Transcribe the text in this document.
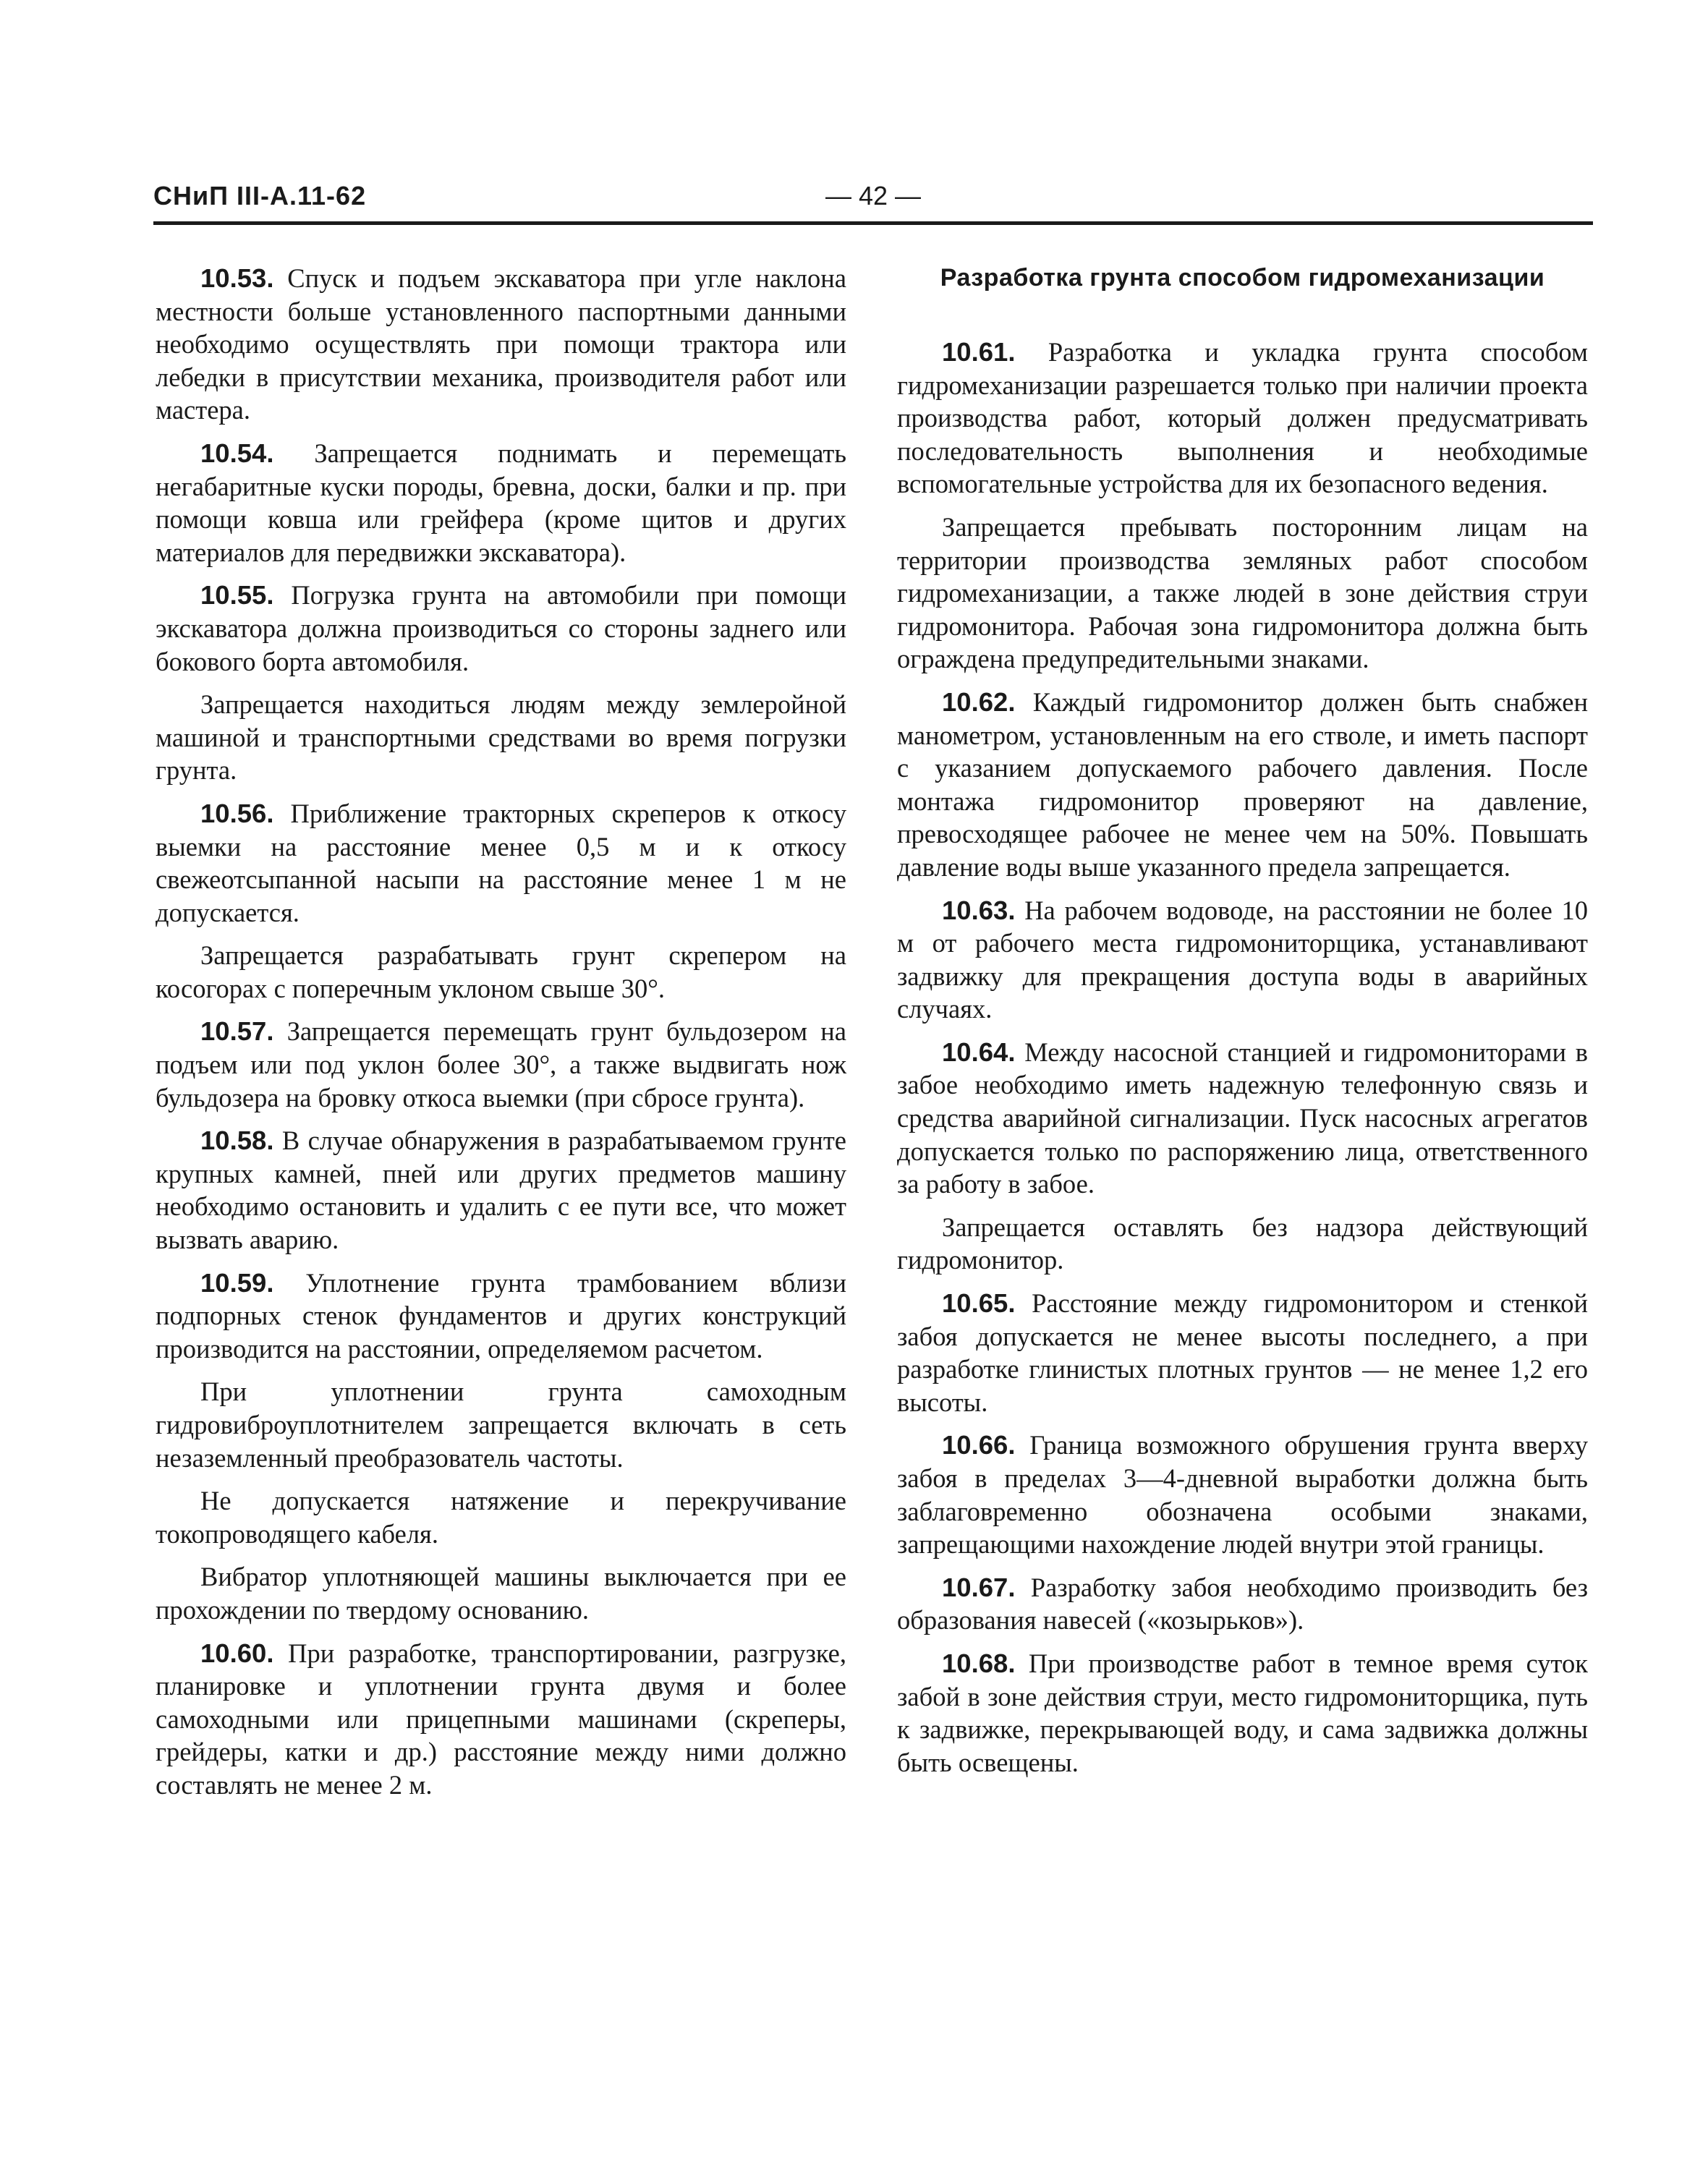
СНиП III-А.11-62	— 42 —

10.53. Спуск и подъем экскаватора при угле наклона местности больше установленного паспортными данными необходимо осуществлять при помощи трактора или лебедки в присутствии механика, производителя работ или мастера.

10.54. Запрещается поднимать и перемещать негабаритные куски породы, бревна, доски, балки и пр. при помощи ковша или грейфера (кроме щитов и других материалов для передвижки экскаватора).

10.55. Погрузка грунта на автомобили при помощи экскаватора должна производиться со стороны заднего или бокового борта автомобиля.

Запрещается находиться людям между землеройной машиной и транспортными средствами во время погрузки грунта.

10.56. Приближение тракторных скреперов к откосу выемки на расстояние менее 0,5 м и к откосу свежеотсыпанной насыпи на расстояние менее 1 м не допускается.

Запрещается разрабатывать грунт скрепером на косогорах с поперечным уклоном свыше 30°.

10.57. Запрещается перемещать грунт бульдозером на подъем или под уклон более 30°, а также выдвигать нож бульдозера на бровку откоса выемки (при сбросе грунта).

10.58. В случае обнаружения в разрабатываемом грунте крупных камней, пней или других предметов машину необходимо остановить и удалить с ее пути все, что может вызвать аварию.

10.59. Уплотнение грунта трамбованием вблизи подпорных стенок фундаментов и других конструкций производится на расстоянии, определяемом расчетом.

При уплотнении грунта самоходным гидровиброуплотнителем запрещается включать в сеть незаземленный преобразователь частоты.

Не допускается натяжение и перекручивание токопроводящего кабеля.

Вибратор уплотняющей машины выключается при ее прохождении по твердому основанию.

10.60. При разработке, транспортировании, разгрузке, планировке и уплотнении грунта двумя и более самоходными или прицепными машинами (скреперы, грейдеры, катки и др.) расстояние между ними должно составлять не менее 2 м.

Разработка грунта способом гидромеханизации

10.61. Разработка и укладка грунта способом гидромеханизации разрешается только при наличии проекта производства работ, который должен предусматривать последовательность выполнения и необходимые вспомогательные устройства для их безопасного ведения.

Запрещается пребывать посторонним лицам на территории производства земляных работ способом гидромеханизации, а также людей в зоне действия струи гидромонитора. Рабочая зона гидромонитора должна быть ограждена предупредительными знаками.

10.62. Каждый гидромонитор должен быть снабжен манометром, установленным на его стволе, и иметь паспорт с указанием допускаемого рабочего давления. После монтажа гидромонитор проверяют на давление, превосходящее рабочее не менее чем на 50%. Повышать давление воды выше указанного предела запрещается.

10.63. На рабочем водоводе, на расстоянии не более 10 м от рабочего места гидромониторщика, устанавливают задвижку для прекращения доступа воды в аварийных случаях.

10.64. Между насосной станцией и гидромониторами в забое необходимо иметь надежную телефонную связь и средства аварийной сигнализации. Пуск насосных агрегатов допускается только по распоряжению лица, ответственного за работу в забое.

Запрещается оставлять без надзора действующий гидромонитор.

10.65. Расстояние между гидромонитором и стенкой забоя допускается не менее высоты последнего, а при разработке глинистых плотных грунтов — не менее 1,2 его высоты.

10.66. Граница возможного обрушения грунта вверху забоя в пределах 3—4-дневной выработки должна быть заблаговременно обозначена особыми знаками, запрещающими нахождение людей внутри этой границы.

10.67. Разработку забоя необходимо производить без образования навесей («козырьков»).

10.68. При производстве работ в темное время суток забой в зоне действия струи, место гидромониторщика, путь к задвижке, перекрывающей воду, и сама задвижка должны быть освещены.
